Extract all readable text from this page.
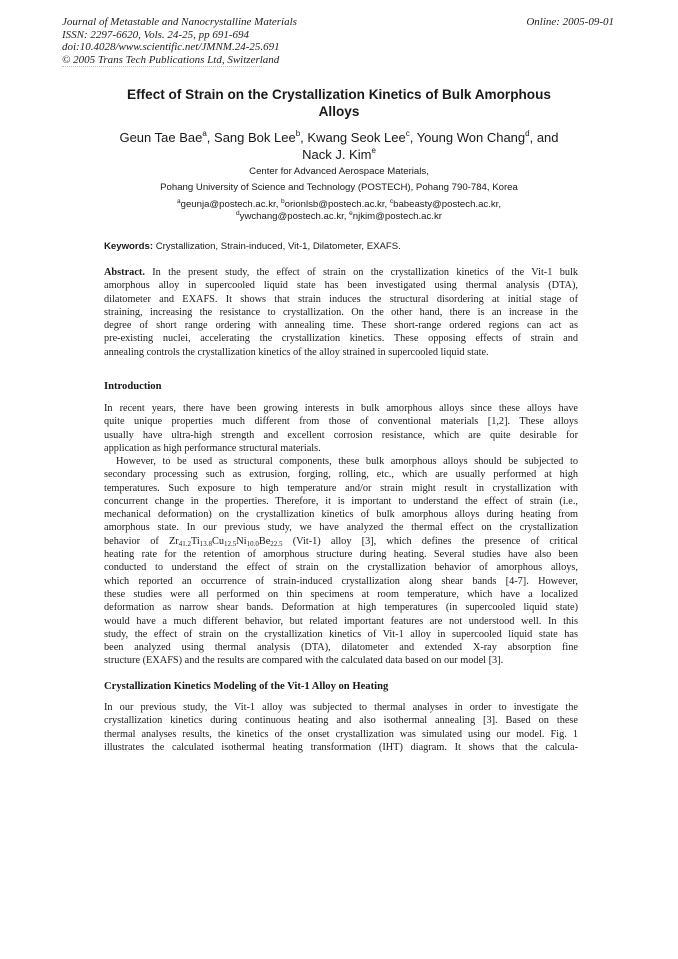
Journal of Metastable and Nanocrystalline Materials
ISSN: 2297-6620, Vols. 24-25, pp 691-694
doi:10.4028/www.scientific.net/JMNM.24-25.691
© 2005 Trans Tech Publications Ltd, Switzerland
Online: 2005-09-01
Effect of Strain on the Crystallization Kinetics of Bulk Amorphous
Alloys
Geun Tae Bae$^a$, Sang Bok Lee$^b$, Kwang Seok Lee$^c$, Young Won Chang$^d$, and
Nack J. Kim$^e$
Center for Advanced Aerospace Materials,
Pohang University of Science and Technology (POSTECH), Pohang 790-784, Korea
$^a$geunja@postech.ac.kr, $^b$orionlsb@postech.ac.kr, $^c$babeasty@postech.ac.kr,
$^d$ywchang@postech.ac.kr, $^e$njkim@postech.ac.kr
Keywords: Crystallization, Strain-induced, Vit-1, Dilatometer, EXAFS.
Abstract. In the present study, the effect of strain on the crystallization kinetics of the Vit-1 bulk
amorphous alloy in supercooled liquid state has been investigated using thermal analysis (DTA),
dilatometer and EXAFS. It shows that strain induces the structural disordering at initial stage of
straining, increasing the resistance to crystallization. On the other hand, there is an increase in the
degree of short range ordering with annealing time. These short-range ordered regions can act as
pre-existing nuclei, accelerating the crystallization kinetics. These opposing effects of strain and
annealing controls the crystallization kinetics of the alloy strained in supercooled liquid state.
Introduction
In recent years, there have been growing interests in bulk amorphous alloys since these alloys have
quite unique properties much different from those of conventional materials [1,2]. These alloys
usually have ultra-high strength and excellent corrosion resistance, which are quite desirable for
application as high performance structural materials.
However, to be used as structural components, these bulk amorphous alloys should be subjected to
secondary processing such as extrusion, forging, rolling, etc., which are usually performed at high
temperatures. Such exposure to high temperature and/or strain might result in crystallization with
concurrent change in the properties. Therefore, it is important to understand the effect of strain (i.e.,
mechanical deformation) on the crystallization kinetics of bulk amorphous alloys during heating from
amorphous state. In our previous study, we have analyzed the thermal effect on the crystallization
behavior of $Zr_{41.2}Ti_{13.8}Cu_{12.5}Ni_{10.0}Be_{22.5}$ (Vit-1) alloy [3], which defines the presence of critical
heating rate for the retention of amorphous structure during heating. Several studies have also been
conducted to understand the effect of strain on the crystallization behavior of amorphous alloys,
which reported an occurrence of strain-induced crystallization along shear bands [4-7]. However,
these studies were all performed on thin specimens at room temperature, which have a localized
deformation as narrow shear bands. Deformation at high temperatures (in supercooled liquid state)
would have a much different behavior, but related important features are not understood well. In this
study, the effect of strain on the crystallization kinetics of Vit-1 alloy in supercooled liquid state has
been analyzed using thermal analysis (DTA), dilatometer and extended X-ray absorption fine
structure (EXAFS) and the results are compared with the calculated data based on our model [3].
Crystallization Kinetics Modeling of the Vit-1 Alloy on Heating
In our previous study, the Vit-1 alloy was subjected to thermal analyses in order to investigate the
crystallization kinetics during continuous heating and also isothermal annealing [3]. Based on these
thermal analyses results, the kinetics of the onset crystallization was simulated using our model. Fig. 1
illustrates the calculated isothermal heating transformation (IHT) diagram. It shows that the calcula-
